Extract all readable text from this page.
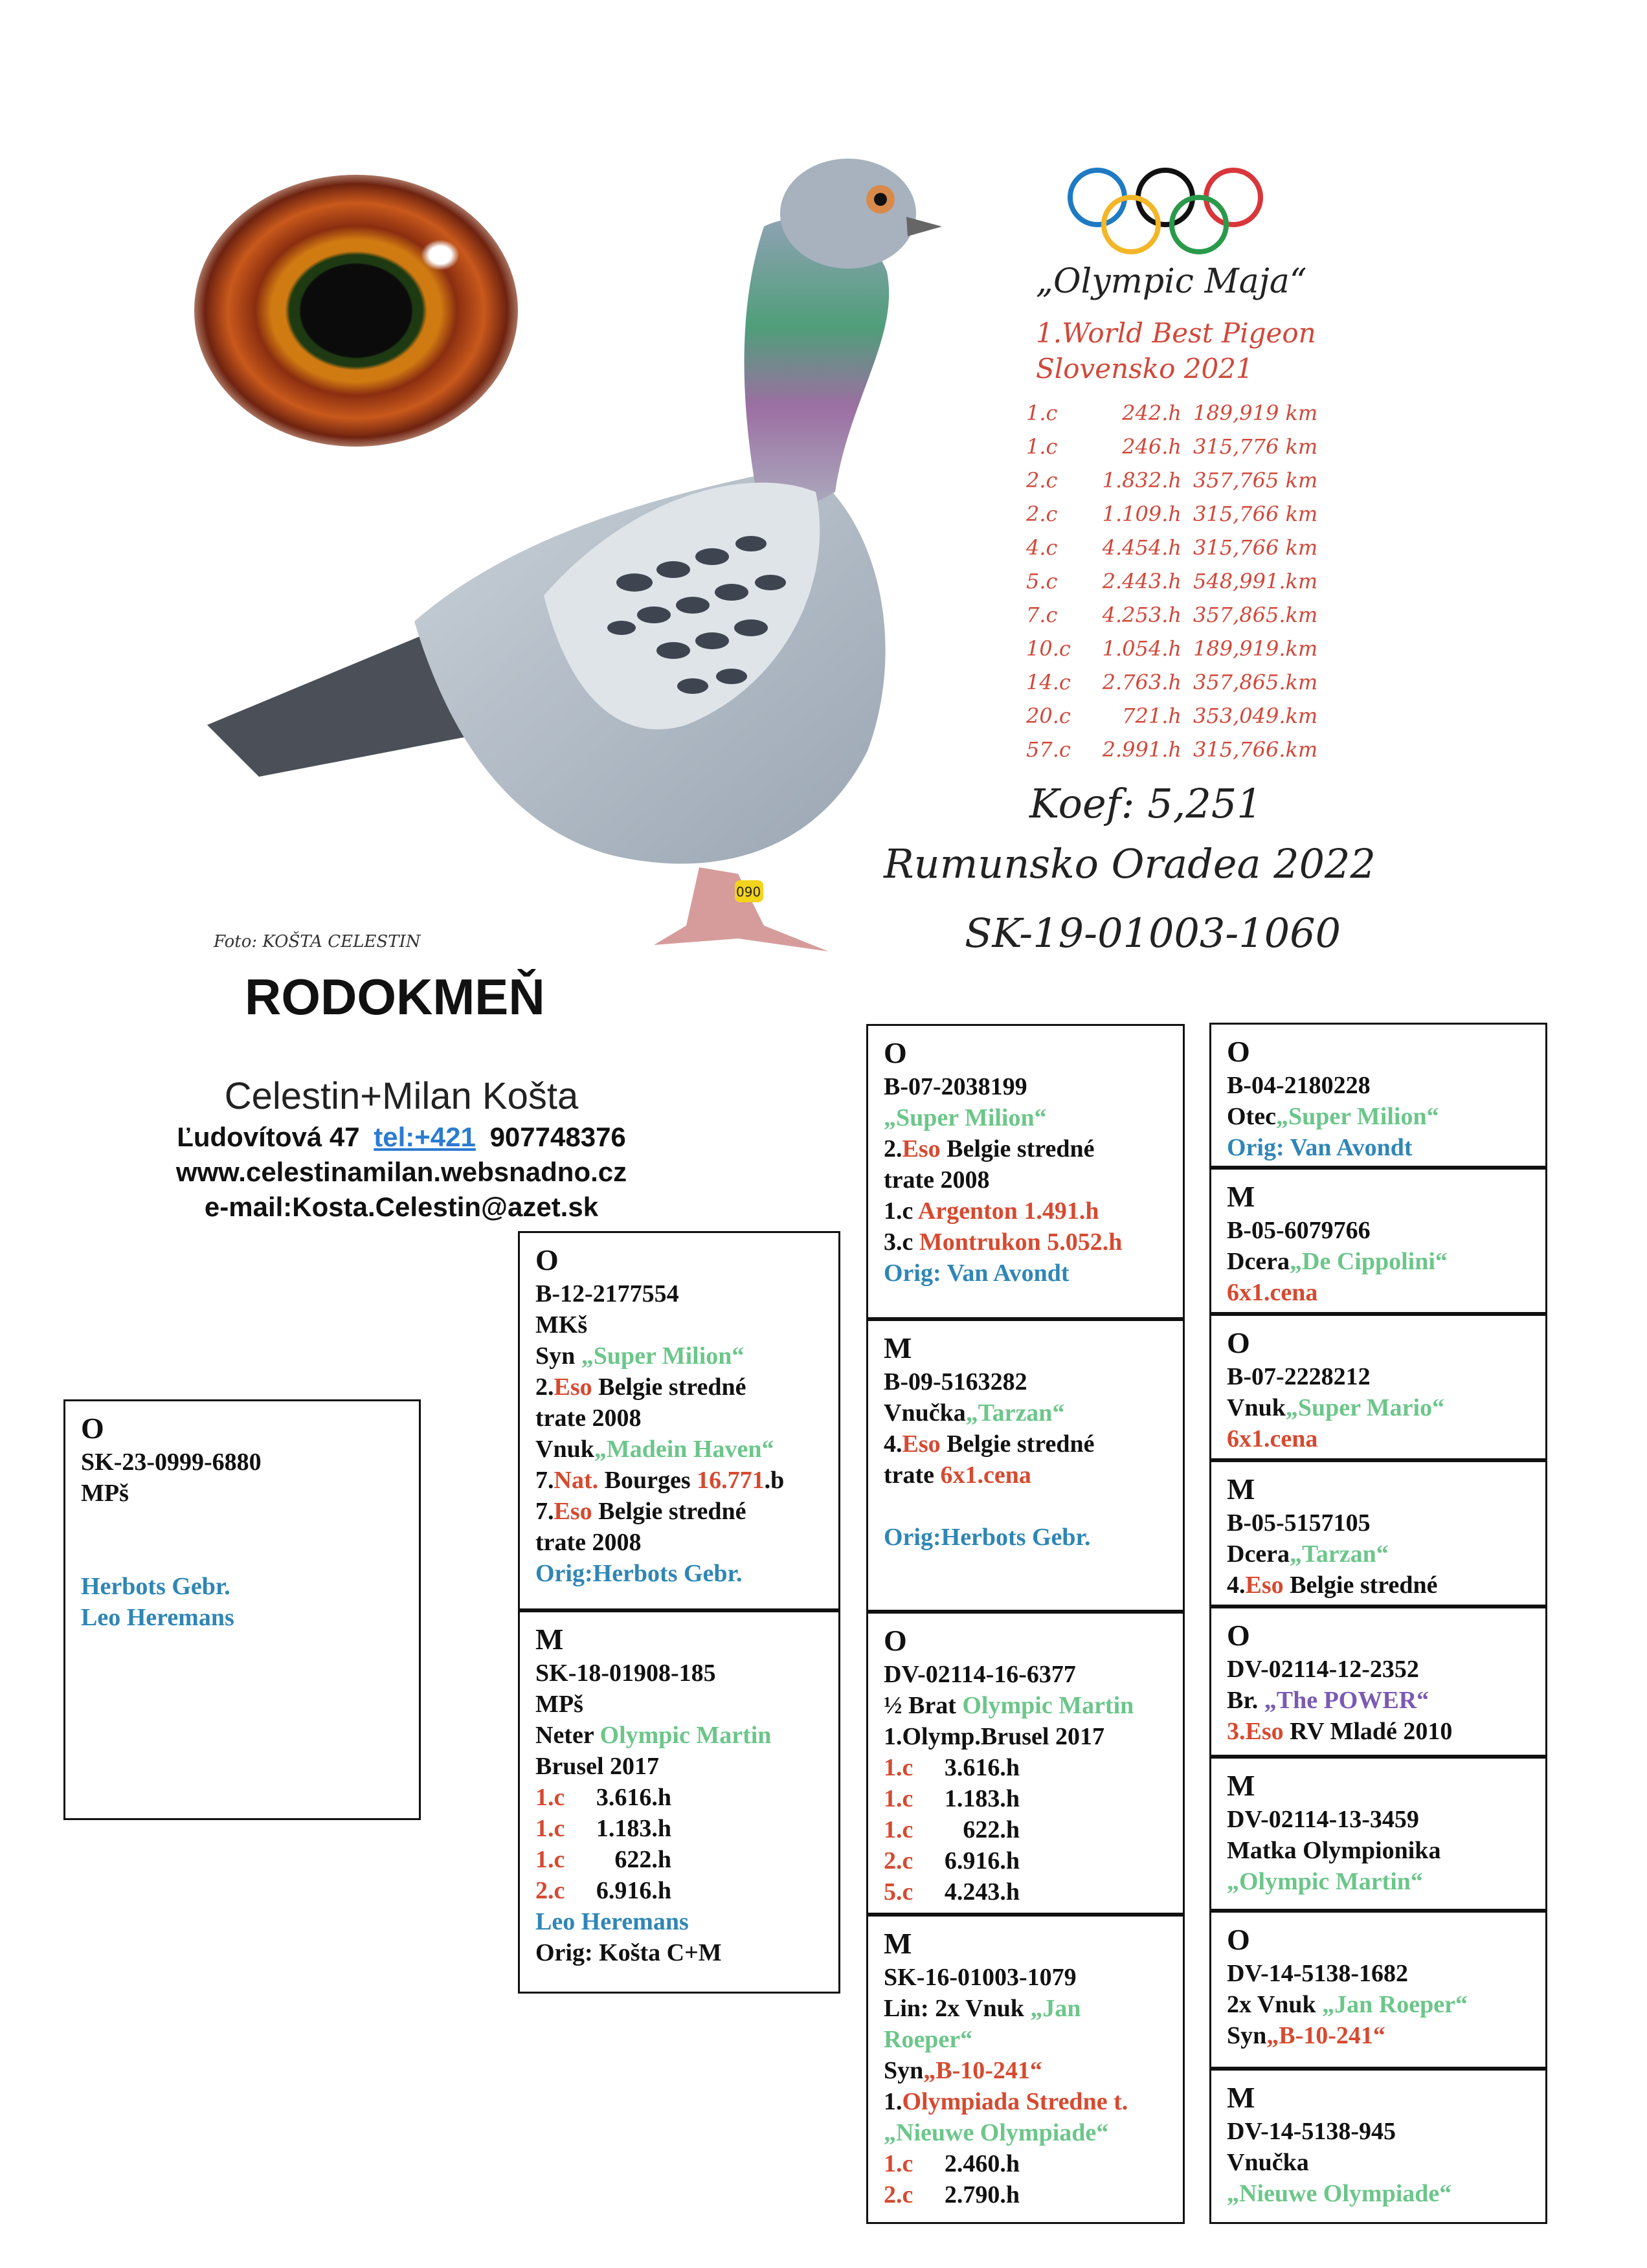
090
„Olympic Maja“
1.World Best Pigeon
Slovensko 2021
1.c	242.h	189,919 km
1.c	246.h	315,776 km
2.c	1.832.h	357,765 km
2.c	1.109.h	315,766 km
4.c	4.454.h	315,766 km
5.c	2.443.h	548,991.km
7.c	4.253.h	357,865.km
10.c	1.054.h	189,919.km
14.c	2.763.h	357,865.km
20.c	721.h	353,049.km
57.c	2.991.h	315,766.km
Koef: 5,251
Rumunsko Oradea 2022
SK-19-01003-1060
Foto: KOŠTA CELESTIN
RODOKMEŇ
Celestin+Milan Košta
Ľudovítová 47 tel:+421 907748376
www.celestinamilan.websnadno.cz
e-mail:Kosta.Celestin@azet.sk
O
SK-23-0999-6880
MPš
Herbots Gebr.
Leo Heremans
O
B-12-2177554
MKš
Syn „Super Milion“
2.Eso Belgie stredné
trate 2008
Vnuk„Madein Haven“
7.Nat. Bourges 16.771.b
7.Eso Belgie stredné
trate 2008
Orig:Herbots Gebr.
M
SK-18-01908-185
MPš
Neter Olympic Martin
Brusel 2017
1.c 3.616.h
1.c 1.183.h
1.c 622.h
2.c 6.916.h
Leo Heremans
Orig: Košta C+M
O
B-07-2038199
„Super Milion“
2.Eso Belgie stredné
trate 2008
1.c Argenton 1.491.h
3.c Montrukon 5.052.h
Orig: Van Avondt
M
B-09-5163282
Vnučka„Tarzan“
4.Eso Belgie stredné
trate 6x1.cena
Orig:Herbots Gebr.
O
DV-02114-16-6377
½ Brat Olympic Martin
1.Olymp.Brusel 2017
1.c 3.616.h
1.c 1.183.h
1.c 622.h
2.c 6.916.h
5.c 4.243.h
M
SK-16-01003-1079
Lin: 2x Vnuk „Jan
Roeper“
Syn„B-10-241“
1.Olympiada Stredne t.
„Nieuwe Olympiade“
1.c 2.460.h
2.c 2.790.h
O
B-04-2180228
Otec„Super Milion“
Orig: Van Avondt
M
B-05-6079766
Dcera„De Cippolini“
6x1.cena
O
B-07-2228212
Vnuk„Super Mario“
6x1.cena
M
B-05-5157105
Dcera„Tarzan“
4.Eso Belgie stredné
O
DV-02114-12-2352
Br. „The POWER“
3.Eso RV Mladé 2010
M
DV-02114-13-3459
Matka Olympionika
„Olympic Martin“
O
DV-14-5138-1682
2x Vnuk „Jan Roeper“
Syn„B-10-241“
M
DV-14-5138-945
Vnučka
„Nieuwe Olympiade“
